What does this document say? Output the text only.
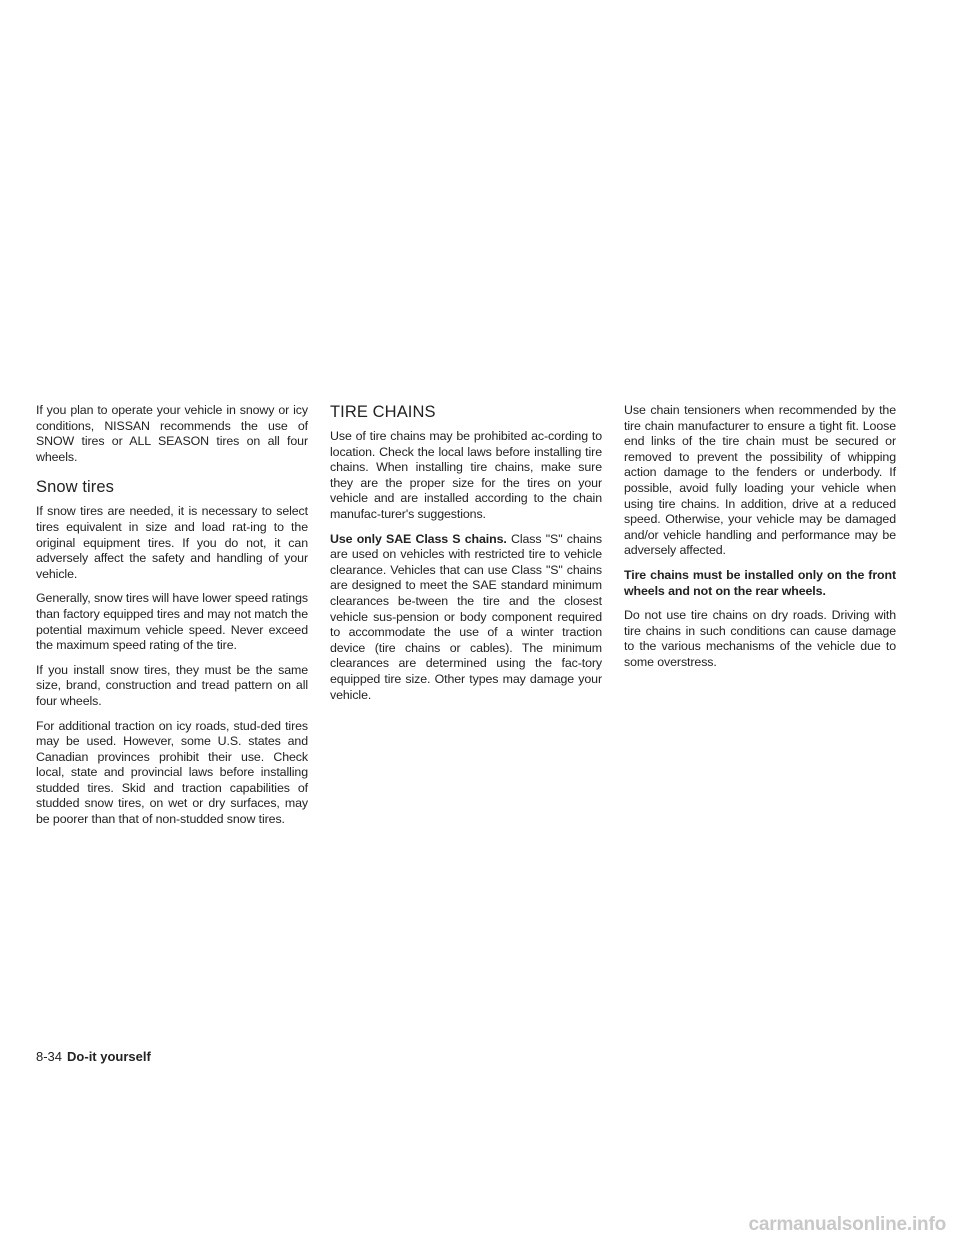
If you plan to operate your vehicle in snowy or icy conditions, NISSAN recommends the use of SNOW tires or ALL SEASON tires on all four wheels.

Snow tires

If snow tires are needed, it is necessary to select tires equivalent in size and load rat-ing to the original equipment tires. If you do not, it can adversely affect the safety and handling of your vehicle.

Generally, snow tires will have lower speed ratings than factory equipped tires and may not match the potential maximum vehicle speed. Never exceed the maximum speed rating of the tire.

If you install snow tires, they must be the same size, brand, construction and tread pattern on all four wheels.

For additional traction on icy roads, stud-ded tires may be used. However, some U.S. states and Canadian provinces prohibit their use. Check local, state and provincial laws before installing studded tires. Skid and traction capabilities of studded snow tires, on wet or dry surfaces, may be poorer than that of non-studded snow tires.

TIRE CHAINS

Use of tire chains may be prohibited ac-cording to location. Check the local laws before installing tire chains. When installing tire chains, make sure they are the proper size for the tires on your vehicle and are installed according to the chain manufac-turer's suggestions.

Use only SAE Class S chains. Class "S" chains are used on vehicles with restricted tire to vehicle clearance. Vehicles that can use Class "S" chains are designed to meet the SAE standard minimum clearances be-tween the tire and the closest vehicle sus-pension or body component required to accommodate the use of a winter traction device (tire chains or cables). The minimum clearances are determined using the fac-tory equipped tire size. Other types may damage your vehicle.

Use chain tensioners when recommended by the tire chain manufacturer to ensure a tight fit. Loose end links of the tire chain must be secured or removed to prevent the possibility of whipping action damage to the fenders or underbody. If possible, avoid fully loading your vehicle when using tire chains. In addition, drive at a reduced speed. Otherwise, your vehicle may be damaged and/or vehicle handling and performance may be adversely affected.

Tire chains must be installed only on the front wheels and not on the rear wheels.

Do not use tire chains on dry roads. Driving with tire chains in such conditions can cause damage to the various mechanisms of the vehicle due to some overstress.

8-34 Do-it yourself
carmanualsonline.info
